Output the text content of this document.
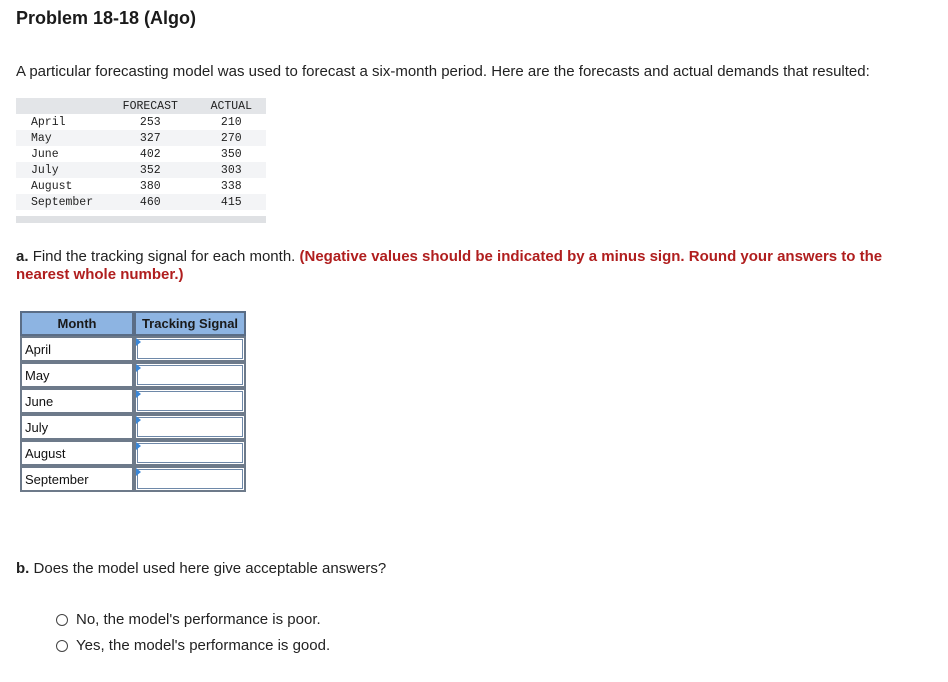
Problem 18-18 (Algo)
A particular forecasting model was used to forecast a six-month period. Here are the forecasts and actual demands that resulted:
	FORECAST	ACTUAL
April	253	210
May	327	270
June	402	350
July	352	303
August	380	338
September	460	415
a. Find the tracking signal for each month. (Negative values should be indicated by a minus sign. Round your answers to the nearest whole number.)
Month	Tracking Signal
April	

May	

June	

July	

August	

September	
b. Does the model used here give acceptable answers?
No, the model's performance is poor.
Yes, the model's performance is good.
